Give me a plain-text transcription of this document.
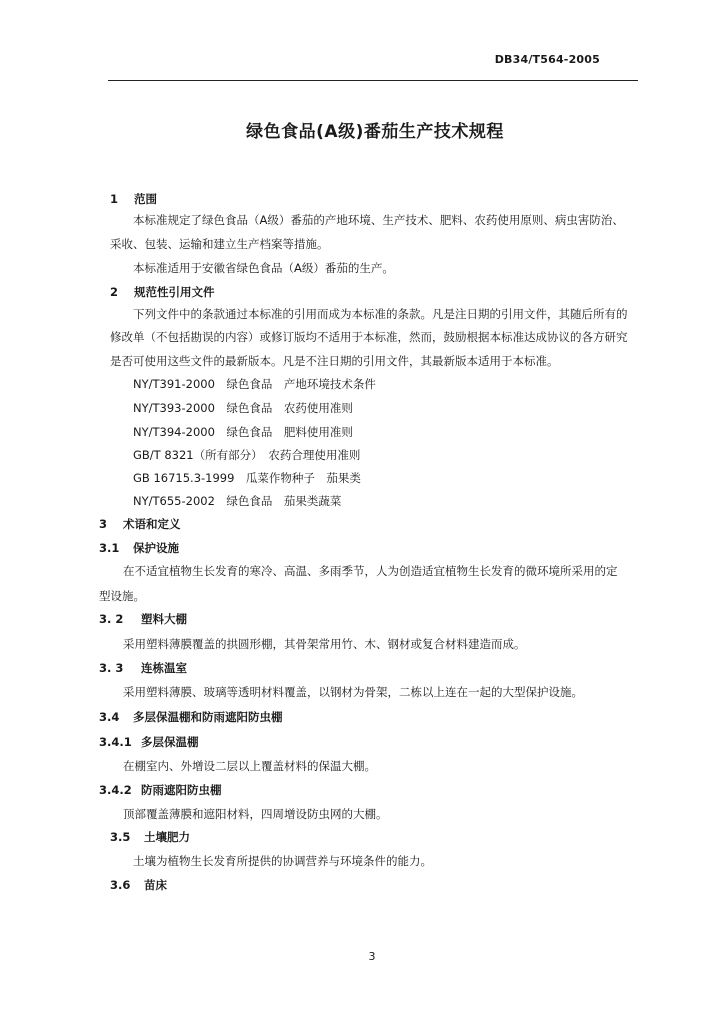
DB34/T564-2005
绿色食品(A级)番茄生产技术规程
1 范围
本标准规定了绿色食品（A级）番茄的产地环境、生产技术、肥料、农药使用原则、病虫害防治、
采收、包装、运输和建立生产档案等措施。
本标准适用于安徽省绿色食品（A级）番茄的生产。
2 规范性引用文件
下列文件中的条款通过本标准的引用而成为本标准的条款。凡是注日期的引用文件，其随后所有的
修改单（不包括勘误的内容）或修订版均不适用于本标准，然而，鼓励根据本标准达成协议的各方研究
是否可使用这些文件的最新版本。凡是不注日期的引用文件，其最新版本适用于本标准。
NY/T391-2000　绿色食品　产地环境技术条件
NY/T393-2000　绿色食品　农药使用准则
NY/T394-2000　绿色食品　肥料使用准则
GB/T 8321（所有部分）　农药合理使用准则
GB 16715.3-1999　瓜菜作物种子　茄果类
NY/T655-2002　绿色食品　茄果类蔬菜
3 术语和定义
3.1 保护设施
在不适宜植物生长发育的寒冷、高温、多雨季节，人为创造适宜植物生长发育的微环境所采用的定
型设施。
3. 2 塑料大棚
采用塑料薄膜覆盖的拱圆形棚，其骨架常用竹、木、钢材或复合材料建造而成。
3. 3 连栋温室
采用塑料薄膜、玻璃等透明材料覆盖，以钢材为骨架，二栋以上连在一起的大型保护设施。
3.4 多层保温棚和防雨遮阳防虫棚
3.4.1 多层保温棚
在棚室内、外增设二层以上覆盖材料的保温大棚。
3.4.2 防雨遮阳防虫棚
顶部覆盖薄膜和遮阳材料，四周增设防虫网的大棚。
3.5 土壤肥力
土壤为植物生长发育所提供的协调营养与环境条件的能力。
3.6 苗床
3
